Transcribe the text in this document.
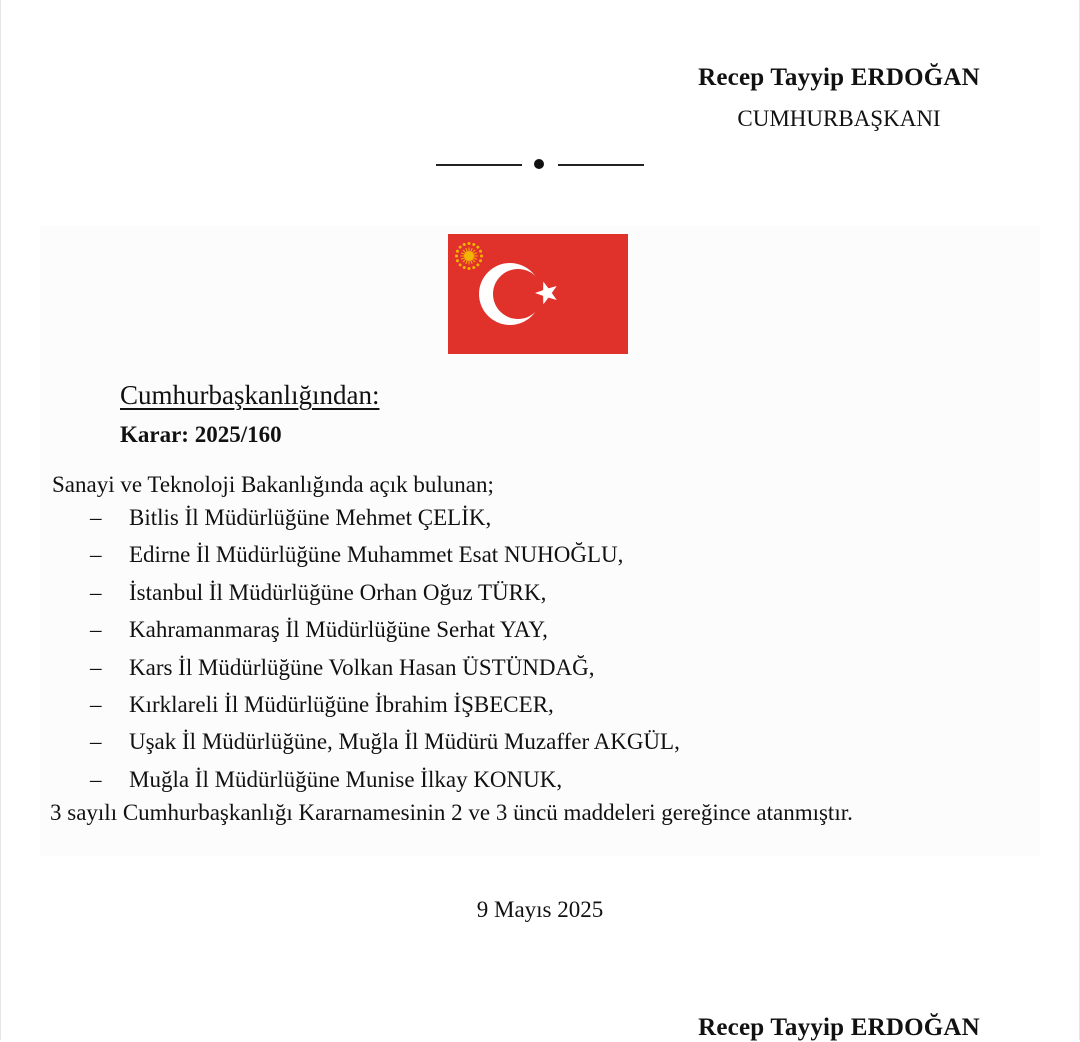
Recep Tayyip ERDOĞAN
CUMHURBAŞKANI
Cumhurbaşkanlığından:
Karar: 2025/160
Sanayi ve Teknoloji Bakanlığında açık bulunan;
– Bitlis İl Müdürlüğüne Mehmet ÇELİK,
– Edirne İl Müdürlüğüne Muhammet Esat NUHOĞLU,
– İstanbul İl Müdürlüğüne Orhan Oğuz TÜRK,
– Kahramanmaraş İl Müdürlüğüne Serhat YAY,
– Kars İl Müdürlüğüne Volkan Hasan ÜSTÜNDAĞ,
– Kırklareli İl Müdürlüğüne İbrahim İŞBECER,
– Uşak İl Müdürlüğüne, Muğla İl Müdürü Muzaffer AKGÜL,
– Muğla İl Müdürlüğüne Munise İlkay KONUK,
3 sayılı Cumhurbaşkanlığı Kararnamesinin 2 ve 3 üncü maddeleri gereğince atanmıştır.
9 Mayıs 2025
Recep Tayyip ERDOĞAN
